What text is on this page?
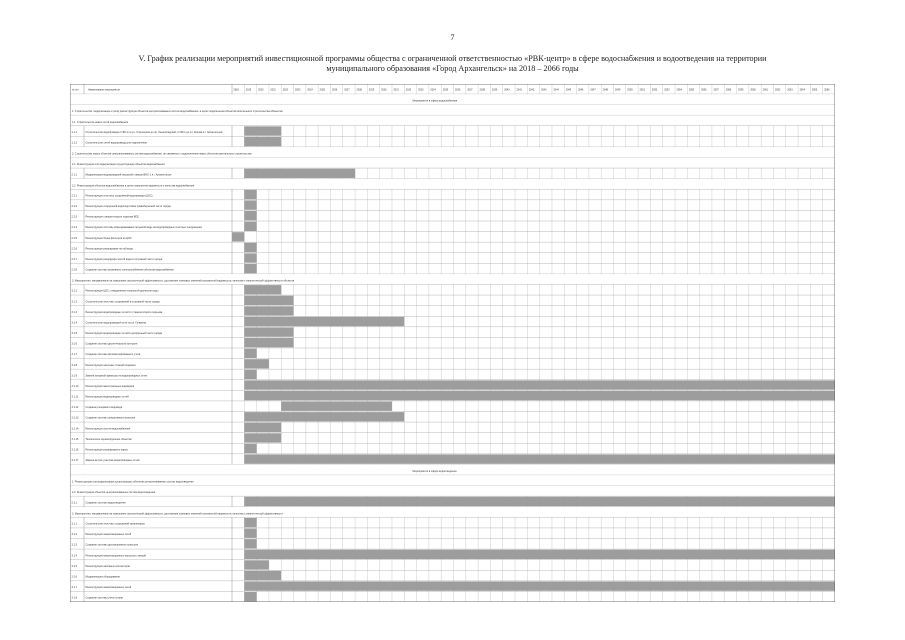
7
V. График реализации мероприятий инвестиционной программы общества с ограниченной ответственностью «РВК-центр» в сфере водоснабжения и водоотведения на территории
муниципального образования «Город Архангельск» на 2018 – 2066 годы
№ п/п	Наименование мероприятия	2018	2019	2020	2021	2022	2023	2024	2025	2026	2027	2028	2029	2030	2031	2032	2033	2034	2035	2036	2037	2038	2039	2040	2041	2042	2043	2044	2045	2046	2047	2048	2049	2050	2051	2052	2053	2054	2055	2056	2057	2058	2059	2060	2061	2062	2063	2064	2065	2066
Мероприятия в сфере водоснабжения
1. Строительство, модернизация и (или) реконструкция объектов централизованных систем водоснабжения, в целях подключения объектов капитального строительства абонентов
1.1. Строительство новых сетей водоснабжения
1.1.1	Строительство водопровода от ВК-1 по ул. Стрелецкая до пр. Ленинградский, от ВК-1 до ул. Кирова в г. Архангельске
1.1.2	Строительство сетей водопровода для подключения
2. Строительство новых объектов централизованных систем водоснабжения, не связанных с подключением новых объектов капитального строительства
2.1. Реконструкция или модернизация существующих объектов водоснабжения
2.1.1	Модернизация водопроводной насосной станции ВНС-1 в г. Архангельске
2.2. Реконструкция объектов водоснабжения в целях повышения надежности и качества водоснабжения
2.2.1	Реконструкция очистных сооружений водопровода (ЦОС)
2.2.2	Реконструкция сооружений водоподготовки правобережной части города
2.2.3	Реконструкция станции второго подъема ВОС
2.2.4	Реконструкция системы обеззараживания питьевой воды на водопроводных очистных сооружениях
2.2.5	Реконструкция блока фильтров на ЦОС
2.2.6	Реконструкция резервуаров чистой воды
2.2.7	Реконструкция резервуара чистой воды в островной части города
2.2.8	Создание системы резервного электроснабжения объектов водоснабжения
3. Мероприятия, направленные на повышение экологической эффективности, достижение плановых значений показателей надежности, качества и энергетической эффективности объектов
3.1.1	Реконструкция ЦОС с внедрением технологий доочистки воды
3.1.2	Строительство очистных сооружений в островной части города
3.1.3	Реконструкция водопроводных сетей от станции второго подъема
3.1.4	Строительство водопроводной сети по ул. Гагарина
3.1.5	Реконструкция водопроводных сетей в центральной части города
3.1.6	Создание системы диспетчерского контроля
3.1.7	Создание системы автоматизированного учета
3.1.8	Реконструкция насосных станций подкачки
3.1.9	Замена запорной арматуры на водопроводных сетях
3.1.10	Реконструкция магистральных водоводов
3.1.11	Реконструкция водопроводных сетей
3.1.12	Создание резервного водовода
3.1.13	Создание системы оперативного контроля
3.1.14	Реконструкция систем водоснабжения
3.1.15	Техническое перевооружение объектов
3.1.16	Реконструкция резервуарного парка
3.1.17	Замена ветхих участков водопроводных сетей
Мероприятия в сфере водоотведения
1. Реконструкция или модернизация существующих объектов централизованных систем водоотведения
2.2. Реконструкция объектов централизованных систем водоотведения
2.2.1	Создание системы водоотведения
3. Мероприятия, направленные на повышение экологической эффективности, достижение плановых значений показателей надежности, качества и энергетической эффективности
3.1.1	Строительство очистных сооружений канализации
3.1.2	Реконструкция канализационных сетей
3.1.3	Создание системы дистанционного контроля
3.1.4	Реконструкция канализационных насосных станций
3.1.5	Реконструкция напорных коллекторов
3.1.6	Модернизация оборудования
3.1.7	Реконструкция канализационных сетей
3.1.8	Создание системы учета стоков
